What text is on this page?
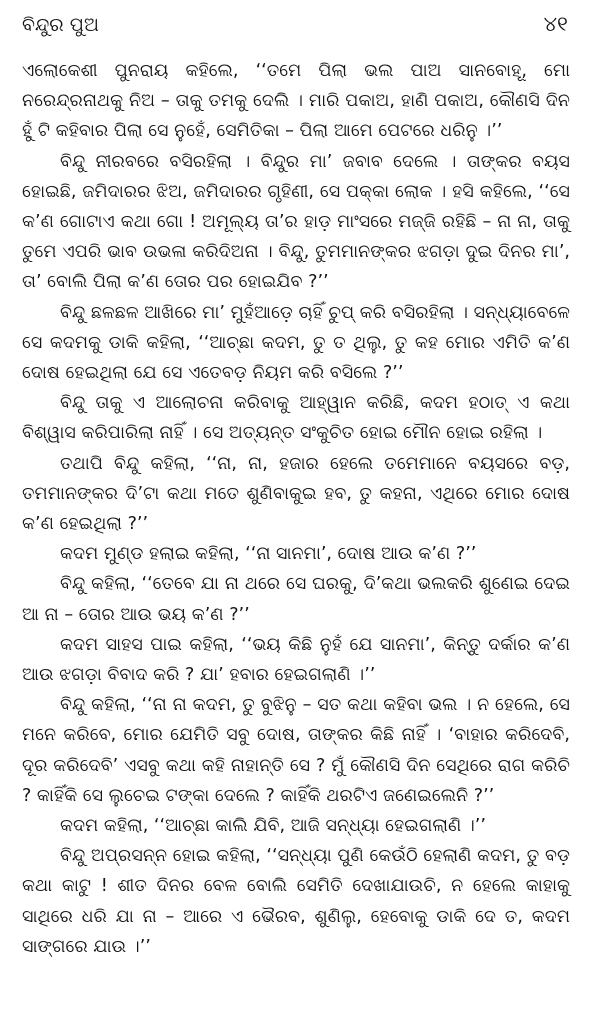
ବିନ୍ଦୁର ପୁଅ	୪୧

ଏଲୋକେଶୀ ପୁନରାୟ କହିଲେ, ‘‘ତମେ ପିଲା ଭଲ ପାଅ ସାନବୋହୂ, ମୋ ନରେନ୍ଦ୍ରନାଥକୁ ନିଅ – ତାକୁ ତମକୁ ଦେଲି । ମାରି ପକାଅ, ହାଣି ପକାଅ, କୌଣସି ଦିନ ହୁଁ ଟି କହିବାର ପିଲା ସେ ନୁହେଁ, ସେମିତିକା – ପିଲା ଆମେ ପେଟରେ ଧରିନୁ ।’’

ବିନ୍ଦୁ ନୀରବରେ ବସିରହିଲା । ବିନ୍ଦୁର ମା’ ଜବାବ ଦେଲେ । ତାଙ୍କର ବୟସ ହୋଇଛି, ଜମିଦାରର ଝିଅ, ଜମିଦାରର ଗୃହିଣୀ, ସେ ପକ୍କା ଲୋକ । ହସି କହିଲେ, ‘‘ସେ କ’ଣ ଗୋଟାଏ କଥା ଗୋ ! ଅମୂଲ୍ୟ ତା’ର ହାଡ଼ ମାଂସରେ ମଜ୍ଜି ରହିଛି – ନା ନା, ତାକୁ ତୁମେ ଏପରି ଭାବ ଉଭଳା କରିଦିଅନା । ବିନ୍ଦୁ, ତୁମମାନଙ୍କର ଝଗଡ଼ା ଦୁଇ ଦିନର ମା’, ତା’ ବୋଲି ପିଲା କ’ଣ ତୋର ପର ହୋଇଯିବ ?’’

ବିନ୍ଦୁ ଛଳଛଳ ଆଖିରେ ମା’ ମୁହଁଆଡ଼େ ଚାହିଁ ଚୁପ୍‌ କରି ବସିରହିଲା । ସନ୍ଧ୍ୟାବେଳେ ସେ କଦମକୁ ଡାକି କହିଲା, ‘‘ଆଚ୍ଛା କଦମ, ତୁ ତ ଥିଲୁ, ତୁ କହ ମୋର ଏମିତି କ’ଣ ଦୋଷ ହେଇଥିଲା ଯେ ସେ ଏତେବଡ଼ ନିୟମ କରି ବସିଲେ ?’’

ବିନ୍ଦୁ ତାକୁ ଏ ଆଲୋଚନା କରିବାକୁ ଆହ୍ୱାନ କରିଛି, କଦମ ହଠାତ୍‌ ଏ କଥା ବିଶ୍ୱାସ କରିପାରିଲା ନାହିଁ । ସେ ଅତ୍ୟନ୍ତ ସଂକୁଚିତ ହୋଇ ମୌନ ହୋଇ ରହିଲା ।

ତଥାପି ବିନ୍ଦୁ କହିଲା, ‘‘ନା, ନା, ହଜାର ହେଲେ ତମେମାନେ ବୟସରେ ବଡ଼, ତମମାନଙ୍କର ଦି’ଟା କଥା ମତେ ଶୁଣିବାକୁଇ ହବ, ତୁ କହନା, ଏଥିରେ ମୋର ଦୋଷ କ’ଣ ହେଇଥିଲା ?’’

କଦମ ମୁଣ୍ଡ ହଲାଇ କହିଲା, ‘‘ନା ସାନମା’, ଦୋଷ ଆଉ କ’ଣ ?’’

ବିନ୍ଦୁ କହିଲା, ‘‘ତେବେ ଯା ନା ଥରେ ସେ ଘରକୁ, ଦି’କଥା ଭଲକରି ଶୁଣେଇ ଦେଇ ଆ ନା – ତୋର ଆଉ ଭୟ କ’ଣ ?’’

କଦମ ସାହସ ପାଇ କହିଲା, ‘‘ଭୟ କିଛି ନୁହଁ ଯେ ସାନମା’, କିନ୍ତୁ ଦର୍କାର କ’ଣ ଆଉ ଝଗଡ଼ା ବିବାଦ କରି ? ଯା’ ହବାର ହେଇଗଲାଣି ।’’

ବିନ୍ଦୁ କହିଲା, ‘‘ନା ନା କଦମ, ତୁ ବୁଝିନୁ – ସତ କଥା କହିବା ଭଲ । ନ ହେଲେ, ସେ ମନେ କରିବେ, ମୋର ଯେମିତି ସବୁ ଦୋଷ, ତାଙ୍କର କିଛି ନାହିଁ । ‘ବାହାର କରିଦେବି, ଦୂର କରିଦେବି’ ଏସବୁ କଥା କହି ନାହାନ୍ତି ସେ ? ମୁଁ କୌଣସି ଦିନ ସେଥିରେ ରାଗ କରିଚି ? କାହିଁକି ସେ ଲୁଚେଇ ଟଙ୍କା ଦେଲେ ? କାହିଁକି ଥରଟିଏ ଜଣେଇଲେନି ?’’

କଦମ କହିଲା, ‘‘ଆଚ୍ଛା କାଲି ଯିବି, ଆଜି ସନ୍ଧ୍ୟା ହେଇଗଲାଣି ।’’

ବିନ୍ଦୁ ଅପ୍ରସନ୍ନ ହୋଇ କହିଲା, ‘‘ସନ୍ଧ୍ୟା ପୁଣି କେଉଁଠି ହେଲାଣି କଦମ, ତୁ ବଡ଼ କଥା କାଟୁ ! ଶୀତ ଦିନର ବେଳ ବୋଲି ସେମିତି ଦେଖାଯାଉଚି, ନ ହେଲେ କାହାକୁ ସାଥିରେ ଧରି ଯା ନା – ଆରେ ଏ ଭୈରବ, ଶୁଣିଲୁ, ହେବୋକୁ ଡାକି ଦେ ତ, କଦମ ସାଙ୍ଗରେ ଯାଉ ।’’
